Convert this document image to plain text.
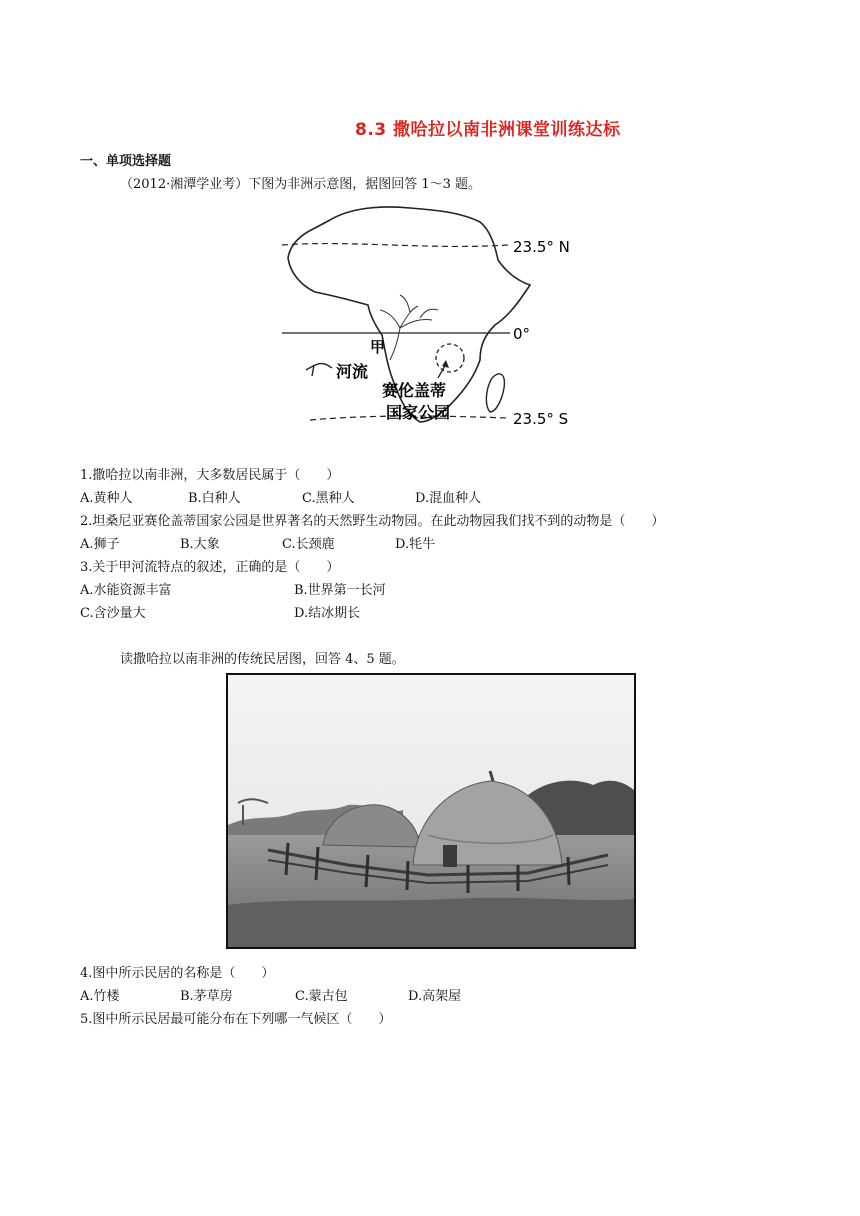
8.3 撒哈拉以南非洲课堂训练达标
一、单项选择题
（2012·湘潭学业考）下图为非洲示意图，据图回答 1～3 题。
23.5° N
0°
23.5° S
甲
河流
赛伦盖蒂
国家公园
1.撒哈拉以南非洲，大多数居民属于（　　）
A.黄种人	B.白种人	C.黑种人	D.混血种人
2.坦桑尼亚赛伦盖蒂国家公园是世界著名的天然野生动物园。在此动物园我们找不到的动物是（　　）
A.狮子	B.大象	C.长颈鹿	D.牦牛
3.关于甲河流特点的叙述，正确的是（　　）
A.水能资源丰富	B.世界第一长河
C.含沙量大	D.结冰期长
读撒哈拉以南非洲的传统民居图，回答 4、5 题。
4.图中所示民居的名称是（　　）
A.竹楼	B.茅草房	C.蒙古包	D.高架屋
5.图中所示民居最可能分布在下列哪一气候区（　　）
